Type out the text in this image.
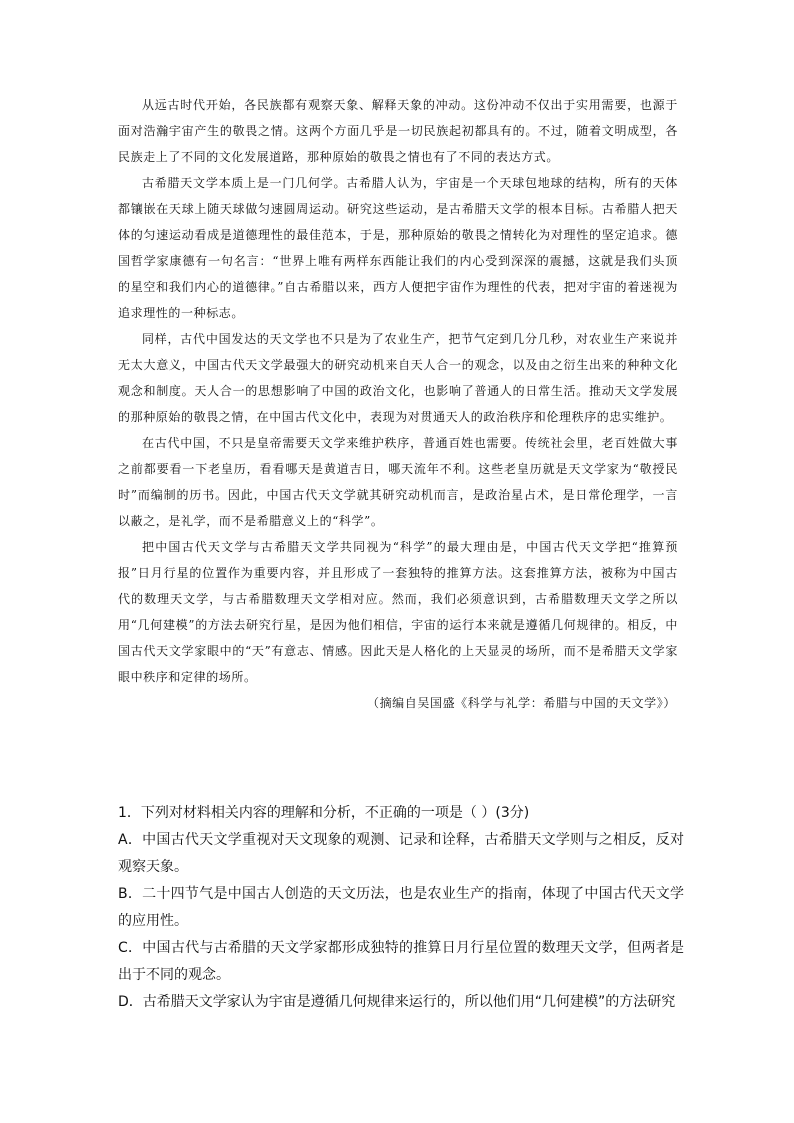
从远古时代开始，各民族都有观察天象、解释天象的冲动。这份冲动不仅出于实用需要，也源于面对浩瀚宇宙产生的敬畏之情。这两个方面几乎是一切民族起初都具有的。不过，随着文明成型，各民族走上了不同的文化发展道路，那种原始的敬畏之情也有了不同的表达方式。

古希腊天文学本质上是一门几何学。古希腊人认为，宇宙是一个天球包地球的结构，所有的天体都镶嵌在天球上随天球做匀速圆周运动。研究这些运动，是古希腊天文学的根本目标。古希腊人把天体的匀速运动看成是道德理性的最佳范本，于是，那种原始的敬畏之情转化为对理性的坚定追求。德国哲学家康德有一句名言：“世界上唯有两样东西能让我们的内心受到深深的震撼，这就是我们头顶的星空和我们内心的道德律。”自古希腊以来，西方人便把宇宙作为理性的代表，把对宇宙的着迷视为追求理性的一种标志。

同样，古代中国发达的天文学也不只是为了农业生产，把节气定到几分几秒，对农业生产来说并无太大意义，中国古代天文学最强大的研究动机来自天人合一的观念，以及由之衍生出来的种种文化观念和制度。天人合一的思想影响了中国的政治文化，也影响了普通人的日常生活。推动天文学发展的那种原始的敬畏之情，在中国古代文化中，表现为对贯通天人的政治秩序和伦理秩序的忠实维护。

在古代中国，不只是皇帝需要天文学来维护秩序，普通百姓也需要。传统社会里，老百姓做大事之前都要看一下老皇历，看看哪天是黄道吉日，哪天流年不利。这些老皇历就是天文学家为“敬授民时”而编制的历书。因此，中国古代天文学就其研究动机而言，是政治星占术，是日常伦理学，一言以蔽之，是礼学，而不是希腊意义上的“科学”。

把中国古代天文学与古希腊天文学共同视为“科学”的最大理由是，中国古代天文学把“推算预报”日月行星的位置作为重要内容，并且形成了一套独特的推算方法。这套推算方法，被称为中国古代的数理天文学，与古希腊数理天文学相对应。然而，我们必须意识到，古希腊数理天文学之所以用“几何建模”的方法去研究行星，是因为他们相信，宇宙的运行本来就是遵循几何规律的。相反，中国古代天文学家眼中的“天”有意志、情感。因此天是人格化的上天显灵的场所，而不是希腊天文学家眼中秩序和定律的场所。

（摘编自吴国盛《科学与礼学：希腊与中国的天文学》）

1．下列对材料相关内容的理解和分析，不正确的一项是（ ）(3分)

A．中国古代天文学重视对天文现象的观测、记录和诠释，古希腊天文学则与之相反，反对观察天象。

B．二十四节气是中国古人创造的天文历法，也是农业生产的指南，体现了中国古代天文学的应用性。

C．中国古代与古希腊的天文学家都形成独特的推算日月行星位置的数理天文学，但两者是出于不同的观念。

D．古希腊天文学家认为宇宙是遵循几何规律来运行的，所以他们用“几何建模”的方法研究
